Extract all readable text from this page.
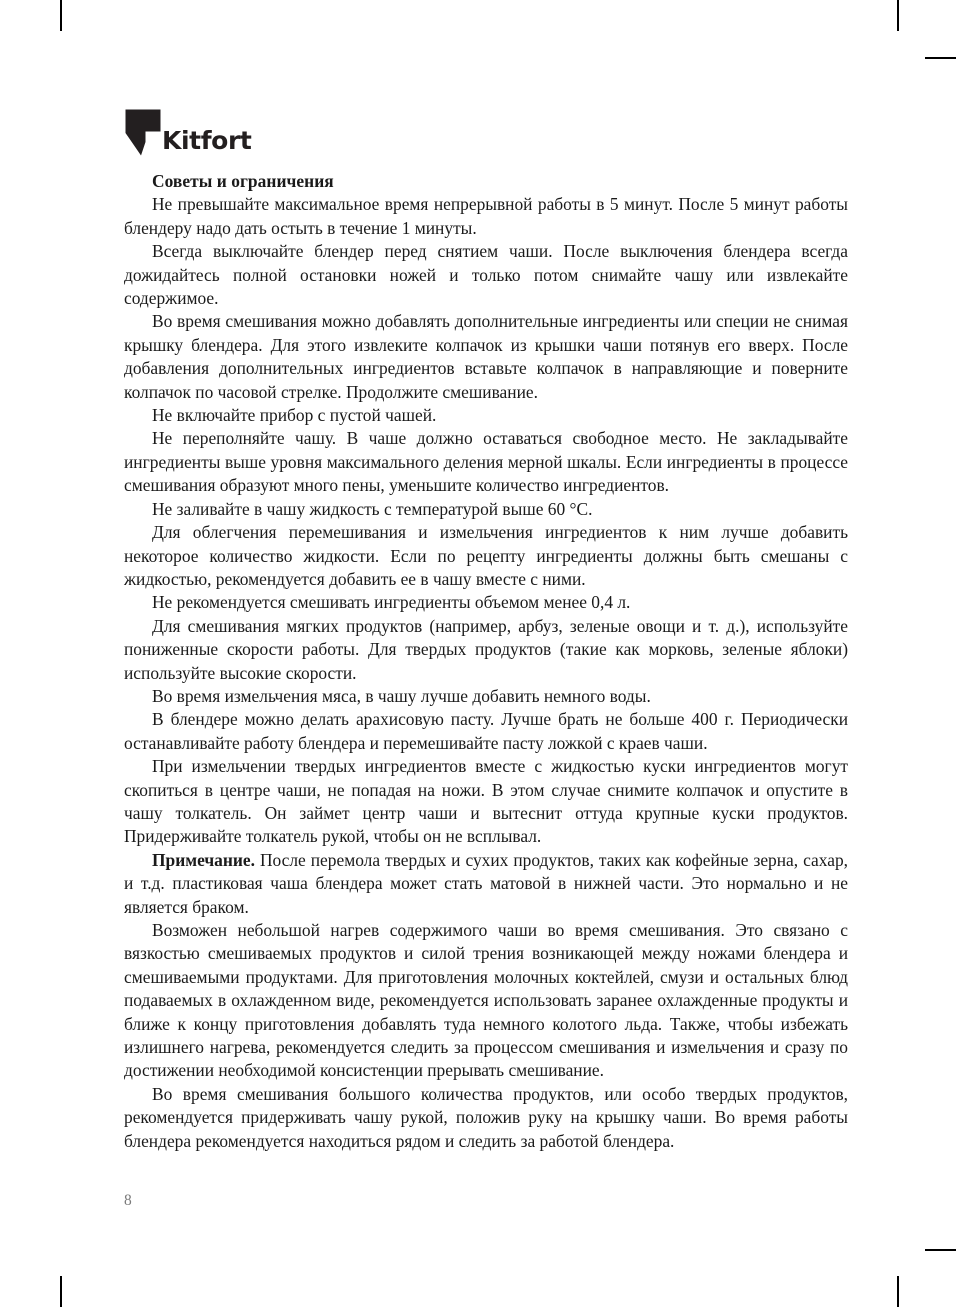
Kitfort
Советы и ограничения

Не превышайте максимальное время непрерывной работы в 5 минут. После 5 минут работы блендеру надо дать остыть в течение 1 минуты.

Всегда выключайте блендер перед снятием чаши. После выключения блендера всегда дожидайтесь полной остановки ножей и только потом снимайте чашу или извлекайте содержимое.

Во время смешивания можно добавлять дополнительные ингредиенты или специи не снимая крышку блендера. Для этого извлеките колпачок из крышки чаши потянув его вверх. После добавления дополнительных ингредиентов вставьте колпачок в направляющие и поверните колпачок по часовой стрелке. Продолжите смешивание.

Не включайте прибор с пустой чашей.

Не переполняйте чашу. В чаше должно оставаться свободное место. Не закладывайте ингредиенты выше уровня максимального деления мерной шкалы. Если ингредиенты в процессе смешивания образуют много пены, уменьшите количество ингредиентов.

Не заливайте в чашу жидкость с температурой выше 60 °С.

Для облегчения перемешивания и измельчения ингредиентов к ним лучше добавить некоторое количество жидкости. Если по рецепту ингредиенты должны быть смешаны с жидкостью, рекомендуется добавить ее в чашу вместе с ними.

Не рекомендуется смешивать ингредиенты объемом менее 0,4 л.

Для смешивания мягких продуктов (например, арбуз, зеленые овощи и т. д.), используйте пониженные скорости работы. Для твердых продуктов (такие как морковь, зеленые яблоки) используйте высокие скорости.

Во время измельчения мяса, в чашу лучше добавить немного воды.

В блендере можно делать арахисовую пасту. Лучше брать не больше 400 г. Периодически останавливайте работу блендера и перемешивайте пасту ложкой с краев чаши.

При измельчении твердых ингредиентов вместе с жидкостью куски ингредиентов могут скопиться в центре чаши, не попадая на ножи. В этом случае снимите колпачок и опустите в чашу толкатель. Он займет центр чаши и вытеснит оттуда крупные куски продуктов. Придерживайте толкатель рукой, чтобы он не всплывал.

Примечание. После перемола твердых и сухих продуктов, таких как кофейные зерна, сахар, и т.д. пластиковая чаша блендера может стать матовой в нижней части. Это нормально и не является браком.

Возможен небольшой нагрев содержимого чаши во время смешивания. Это связано с вязкостью смешиваемых продуктов и силой трения возникающей между ножами блендера и смешиваемыми продуктами. Для приготовления молочных коктейлей, смузи и остальных блюд подаваемых в охлажденном виде, рекомендуется использовать заранее охлажденные продукты и ближе к концу приготовления добавлять туда немного колотого льда. Также, чтобы избежать излишнего нагрева, рекомендуется следить за процессом смешивания и измельчения и сразу по достижении необходимой консистенции прерывать смешивание.

Во время смешивания большого количества продуктов, или особо твердых продуктов, рекомендуется придерживать чашу рукой, положив руку на крышку чаши. Во время работы блендера рекомендуется находиться рядом и следить за работой блендера.

8
